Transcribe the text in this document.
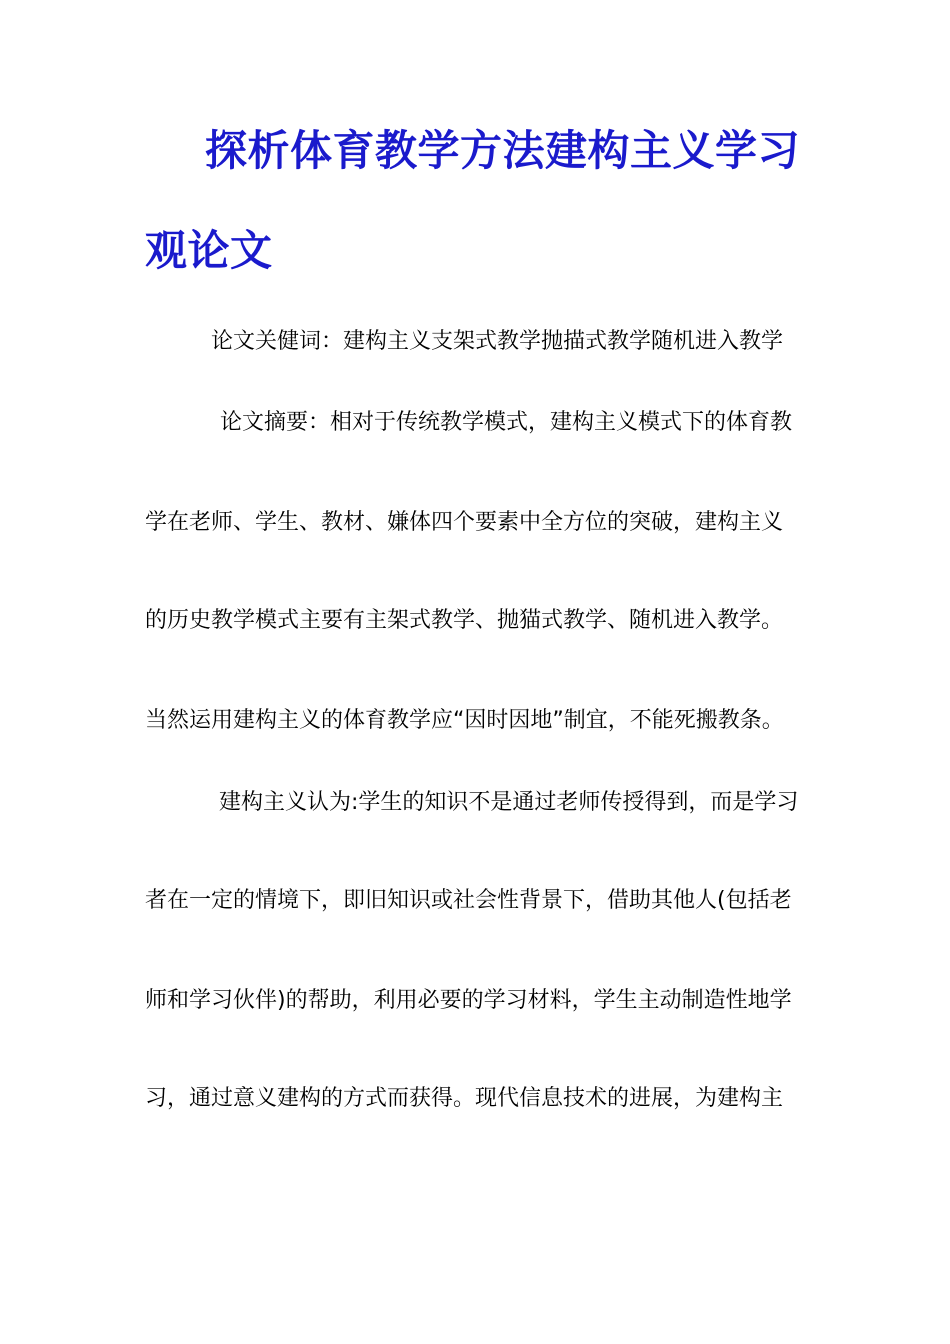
探析体育教学方法建构主义学习
观论文

论文关健词：建构主义支架式教学抛描式教学随机进入教学

论文摘要：相对于传统教学模式，建构主义模式下的体育教

学在老师、学生、教材、嫌体四个要素中全方位的突破，建构主义

的历史教学模式主要有主架式教学、抛猫式教学、随机进入教学。

当然运用建构主义的体育教学应“因时因地”制宜，不能死搬教条。

建构主义认为:学生的知识不是通过老师传授得到，而是学习

者在一定的情境下，即旧知识或社会性背景下，借助其他人(包括老

师和学习伙伴)的帮助，利用必要的学习材料，学生主动制造性地学

习，通过意义建构的方式而获得。现代信息技术的进展，为建构主
